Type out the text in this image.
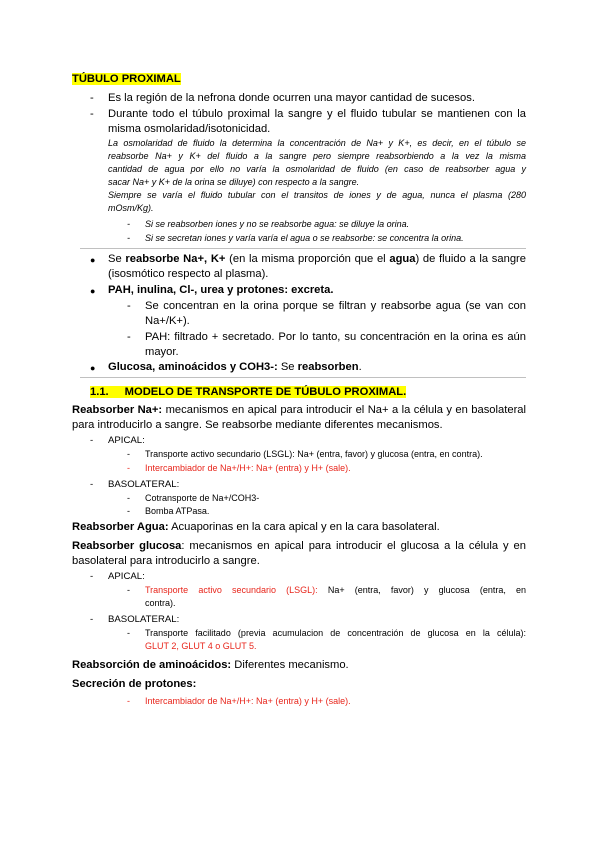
TÚBULO PROXIMAL
- Es la región de la nefrona donde ocurren una mayor cantidad de sucesos.
- Durante todo el túbulo proximal la sangre y el fluido tubular se mantienen con la
misma osmolaridad/isotonicidad.
La osmolaridad de fluido la determina la concentración de Na+ y K+, es decir, en el túbulo se
reabsorbe Na+ y K+ del fluido a la sangre pero siempre reabsorbiendo a la vez la misma
cantidad de agua por ello no varía la osmolaridad de fluido (en caso de reabsorber agua y
sacar Na+ y K+ de la orina se diluye) con respecto a la sangre.
Siempre se varía el fluido tubular con el transitos de iones y de agua, nunca el plasma (280
mOsm/Kg).
- Si se reabsorben iones y no se reabsorbe agua: se diluye la orina.
- Si se secretan iones y varía varía el agua o se reabsorbe: se concentra la orina.
● Se reabsorbe Na+, K+ (en la misma proporción que el agua) de fluido a la sangre
(isosmótico respecto al plasma).
● PAH, inulina, Cl-, urea y protones: excreta.
- Se concentran en la orina porque se filtran y reabsorbe agua (se van con
Na+/K+).
- PAH: filtrado + secretado. Por lo tanto, su concentración en la orina es aún
mayor.
● Glucosa, aminoácidos y COH3-: Se reabsorben.
1.1. MODELO DE TRANSPORTE DE TÚBULO PROXIMAL.
Reabsorber Na+: mecanismos en apical para introducir el Na+ a la célula y en basolateral
para introducirlo a sangre. Se reabsorbe mediante diferentes mecanismos.
- APICAL:
- Transporte activo secundario (LSGL): Na+ (entra, favor) y glucosa (entra, en contra).
- Intercambiador de Na+/H+: Na+ (entra) y H+ (sale).
- BASOLATERAL:
- Cotransporte de Na+/COH3-
- Bomba ATPasa.
Reabsorber Agua: Acuaporinas en la cara apical y en la cara basolateral.
Reabsorber glucosa: mecanismos en apical para introducir el glucosa a la célula y en
basolateral para introducirlo a sangre.
- APICAL:
- Transporte activo secundario (LSGL): Na+ (entra, favor) y glucosa (entra, en
contra).
- BASOLATERAL:
- Transporte facilitado (previa acumulacion de concentración de glucosa en la célula):
GLUT 2, GLUT 4 o GLUT 5.
Reabsorción de aminoácidos: Diferentes mecanismo.
Secreción de protones:
- Intercambiador de Na+/H+: Na+ (entra) y H+ (sale).
